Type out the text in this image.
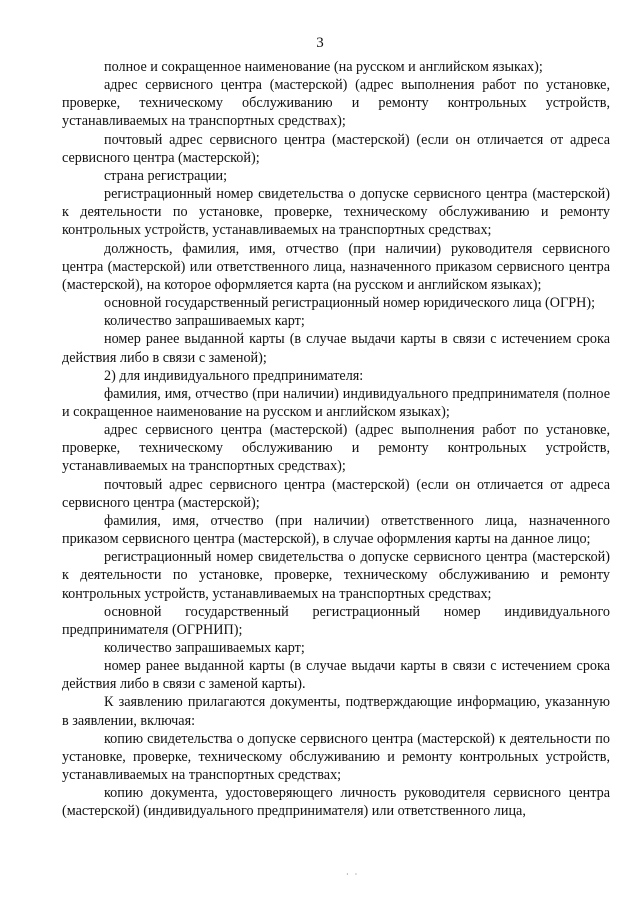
3

полное и сокращенное наименование (на русском и английском языках);

адрес сервисного центра (мастерской) (адрес выполнения работ по установке, проверке, техническому обслуживанию и ремонту контрольных устройств, устанавливаемых на транспортных средствах);

почтовый адрес сервисного центра (мастерской) (если он отличается от адреса сервисного центра (мастерской);

страна регистрации;

регистрационный номер свидетельства о допуске сервисного центра (мастерской) к деятельности по установке, проверке, техническому обслуживанию и ремонту контрольных устройств, устанавливаемых на транспортных средствах;

должность, фамилия, имя, отчество (при наличии) руководителя сервисного центра (мастерской) или ответственного лица, назначенного приказом сервисного центра (мастерской), на которое оформляется карта (на русском и английском языках);

основной государственный регистрационный номер юридического лица (ОГРН);

количество запрашиваемых карт;

номер ранее выданной карты (в случае выдачи карты в связи с истечением срока действия либо в связи с заменой);

2) для индивидуального предпринимателя:

фамилия, имя, отчество (при наличии) индивидуального предпринимателя (полное и сокращенное наименование на русском и английском языках);

адрес сервисного центра (мастерской) (адрес выполнения работ по установке, проверке, техническому обслуживанию и ремонту контрольных устройств, устанавливаемых на транспортных средствах);

почтовый адрес сервисного центра (мастерской) (если он отличается от адреса сервисного центра (мастерской);

фамилия, имя, отчество (при наличии) ответственного лица, назначенного приказом сервисного центра (мастерской), в случае оформления карты на данное лицо;

регистрационный номер свидетельства о допуске сервисного центра (мастерской) к деятельности по установке, проверке, техническому обслуживанию и ремонту контрольных устройств, устанавливаемых на транспортных средствах;

основной государственный регистрационный номер индивидуального предпринимателя (ОГРНИП);

количество запрашиваемых карт;

номер ранее выданной карты (в случае выдачи карты в связи с истечением срока действия либо в связи с заменой карты).

К заявлению прилагаются документы, подтверждающие информацию, указанную в заявлении, включая:

копию свидетельства о допуске сервисного центра (мастерской) к деятельности по установке, проверке, техническому обслуживанию и ремонту контрольных устройств, устанавливаемых на транспортных средствах;

копию документа, удостоверяющего личность руководителя сервисного центра (мастерской) (индивидуального предпринимателя) или ответственного лица,

· ·
